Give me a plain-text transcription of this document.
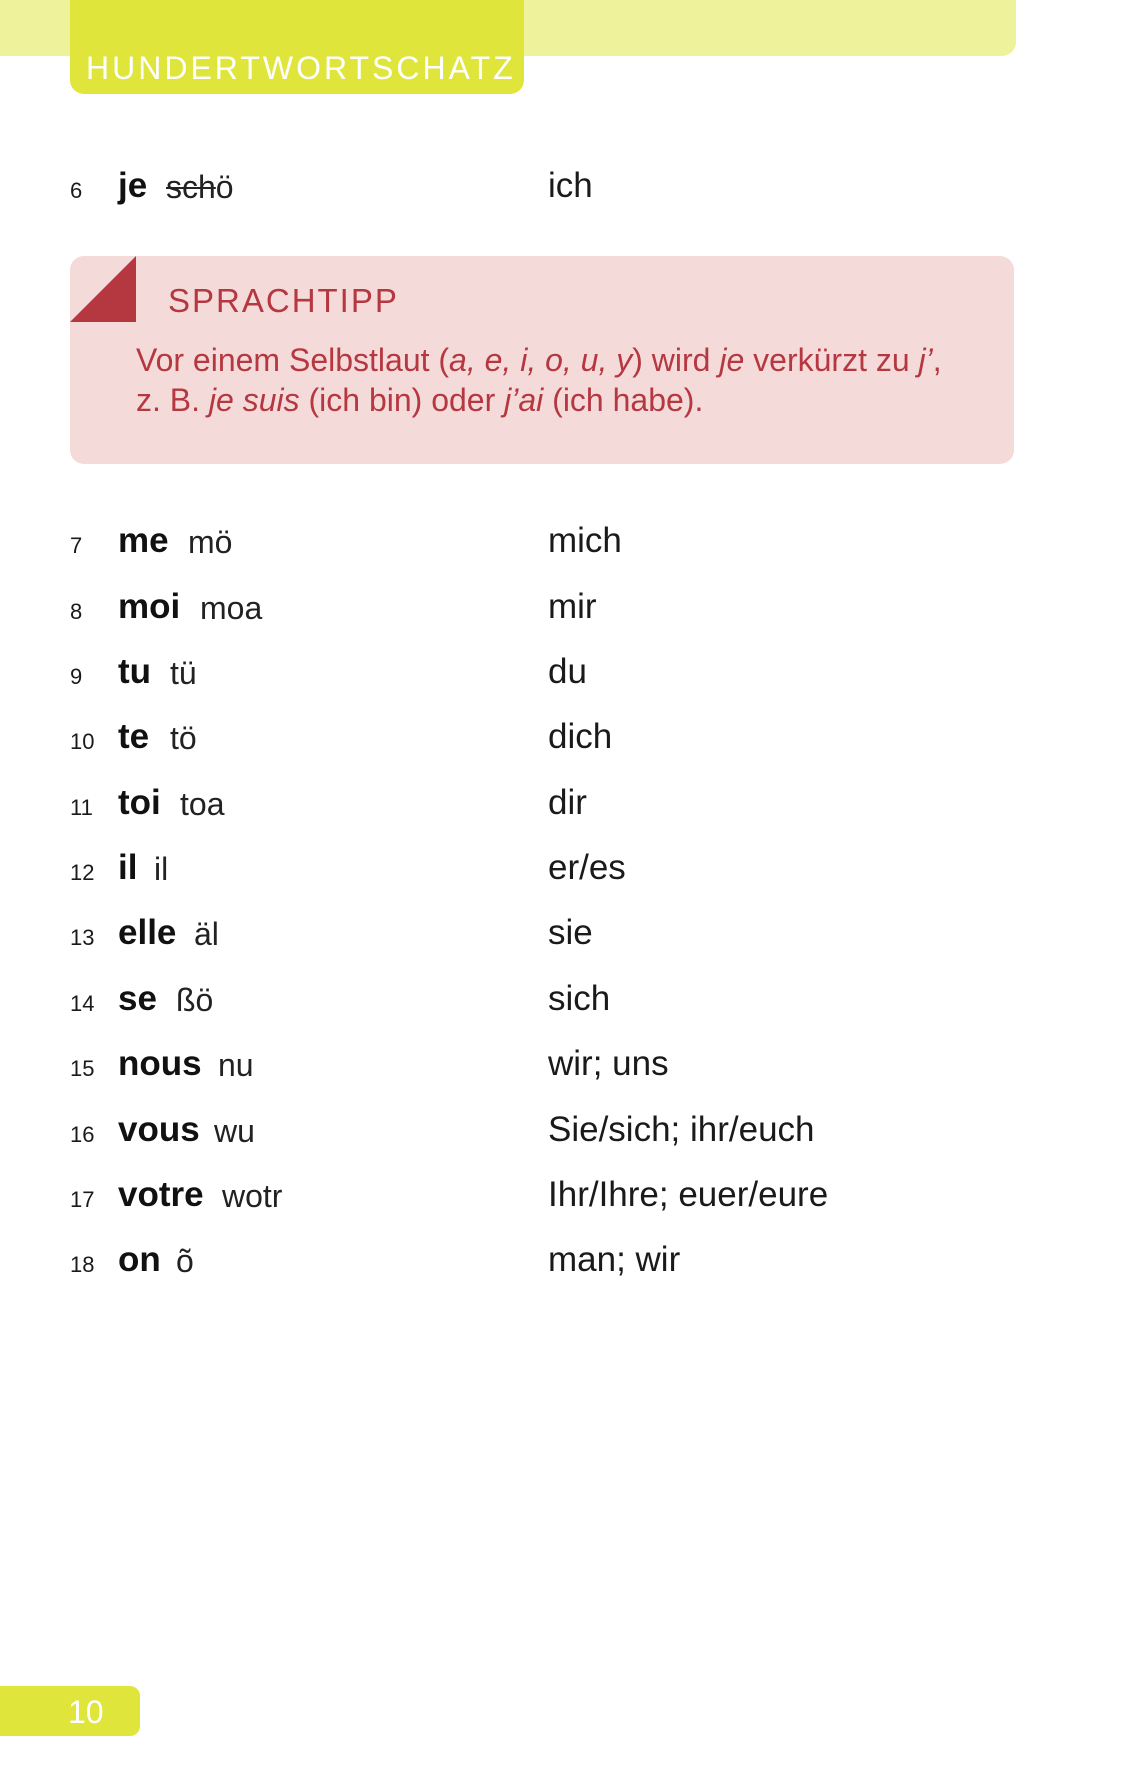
HUNDERTWORTSCHATZ
6 je schö	ich
SPRACHTIPP
Vor einem Selbstlaut (a, e, i, o, u, y) wird je verkürzt zu j’,
z. B. je suis (ich bin) oder j’ai (ich habe).
7 me mö	mich
8 moi moa	mir
9 tu tü	du
10 te tö	dich
11 toi toa	dir
12 il il	er/es
13 elle äl	sie
14 se ßö	sich
15 nous nu	wir; uns
16 vous wu	Sie/sich; ihr/euch
17 votre wotr	Ihr/Ihre; euer/eure
18 on õ	man; wir
10
